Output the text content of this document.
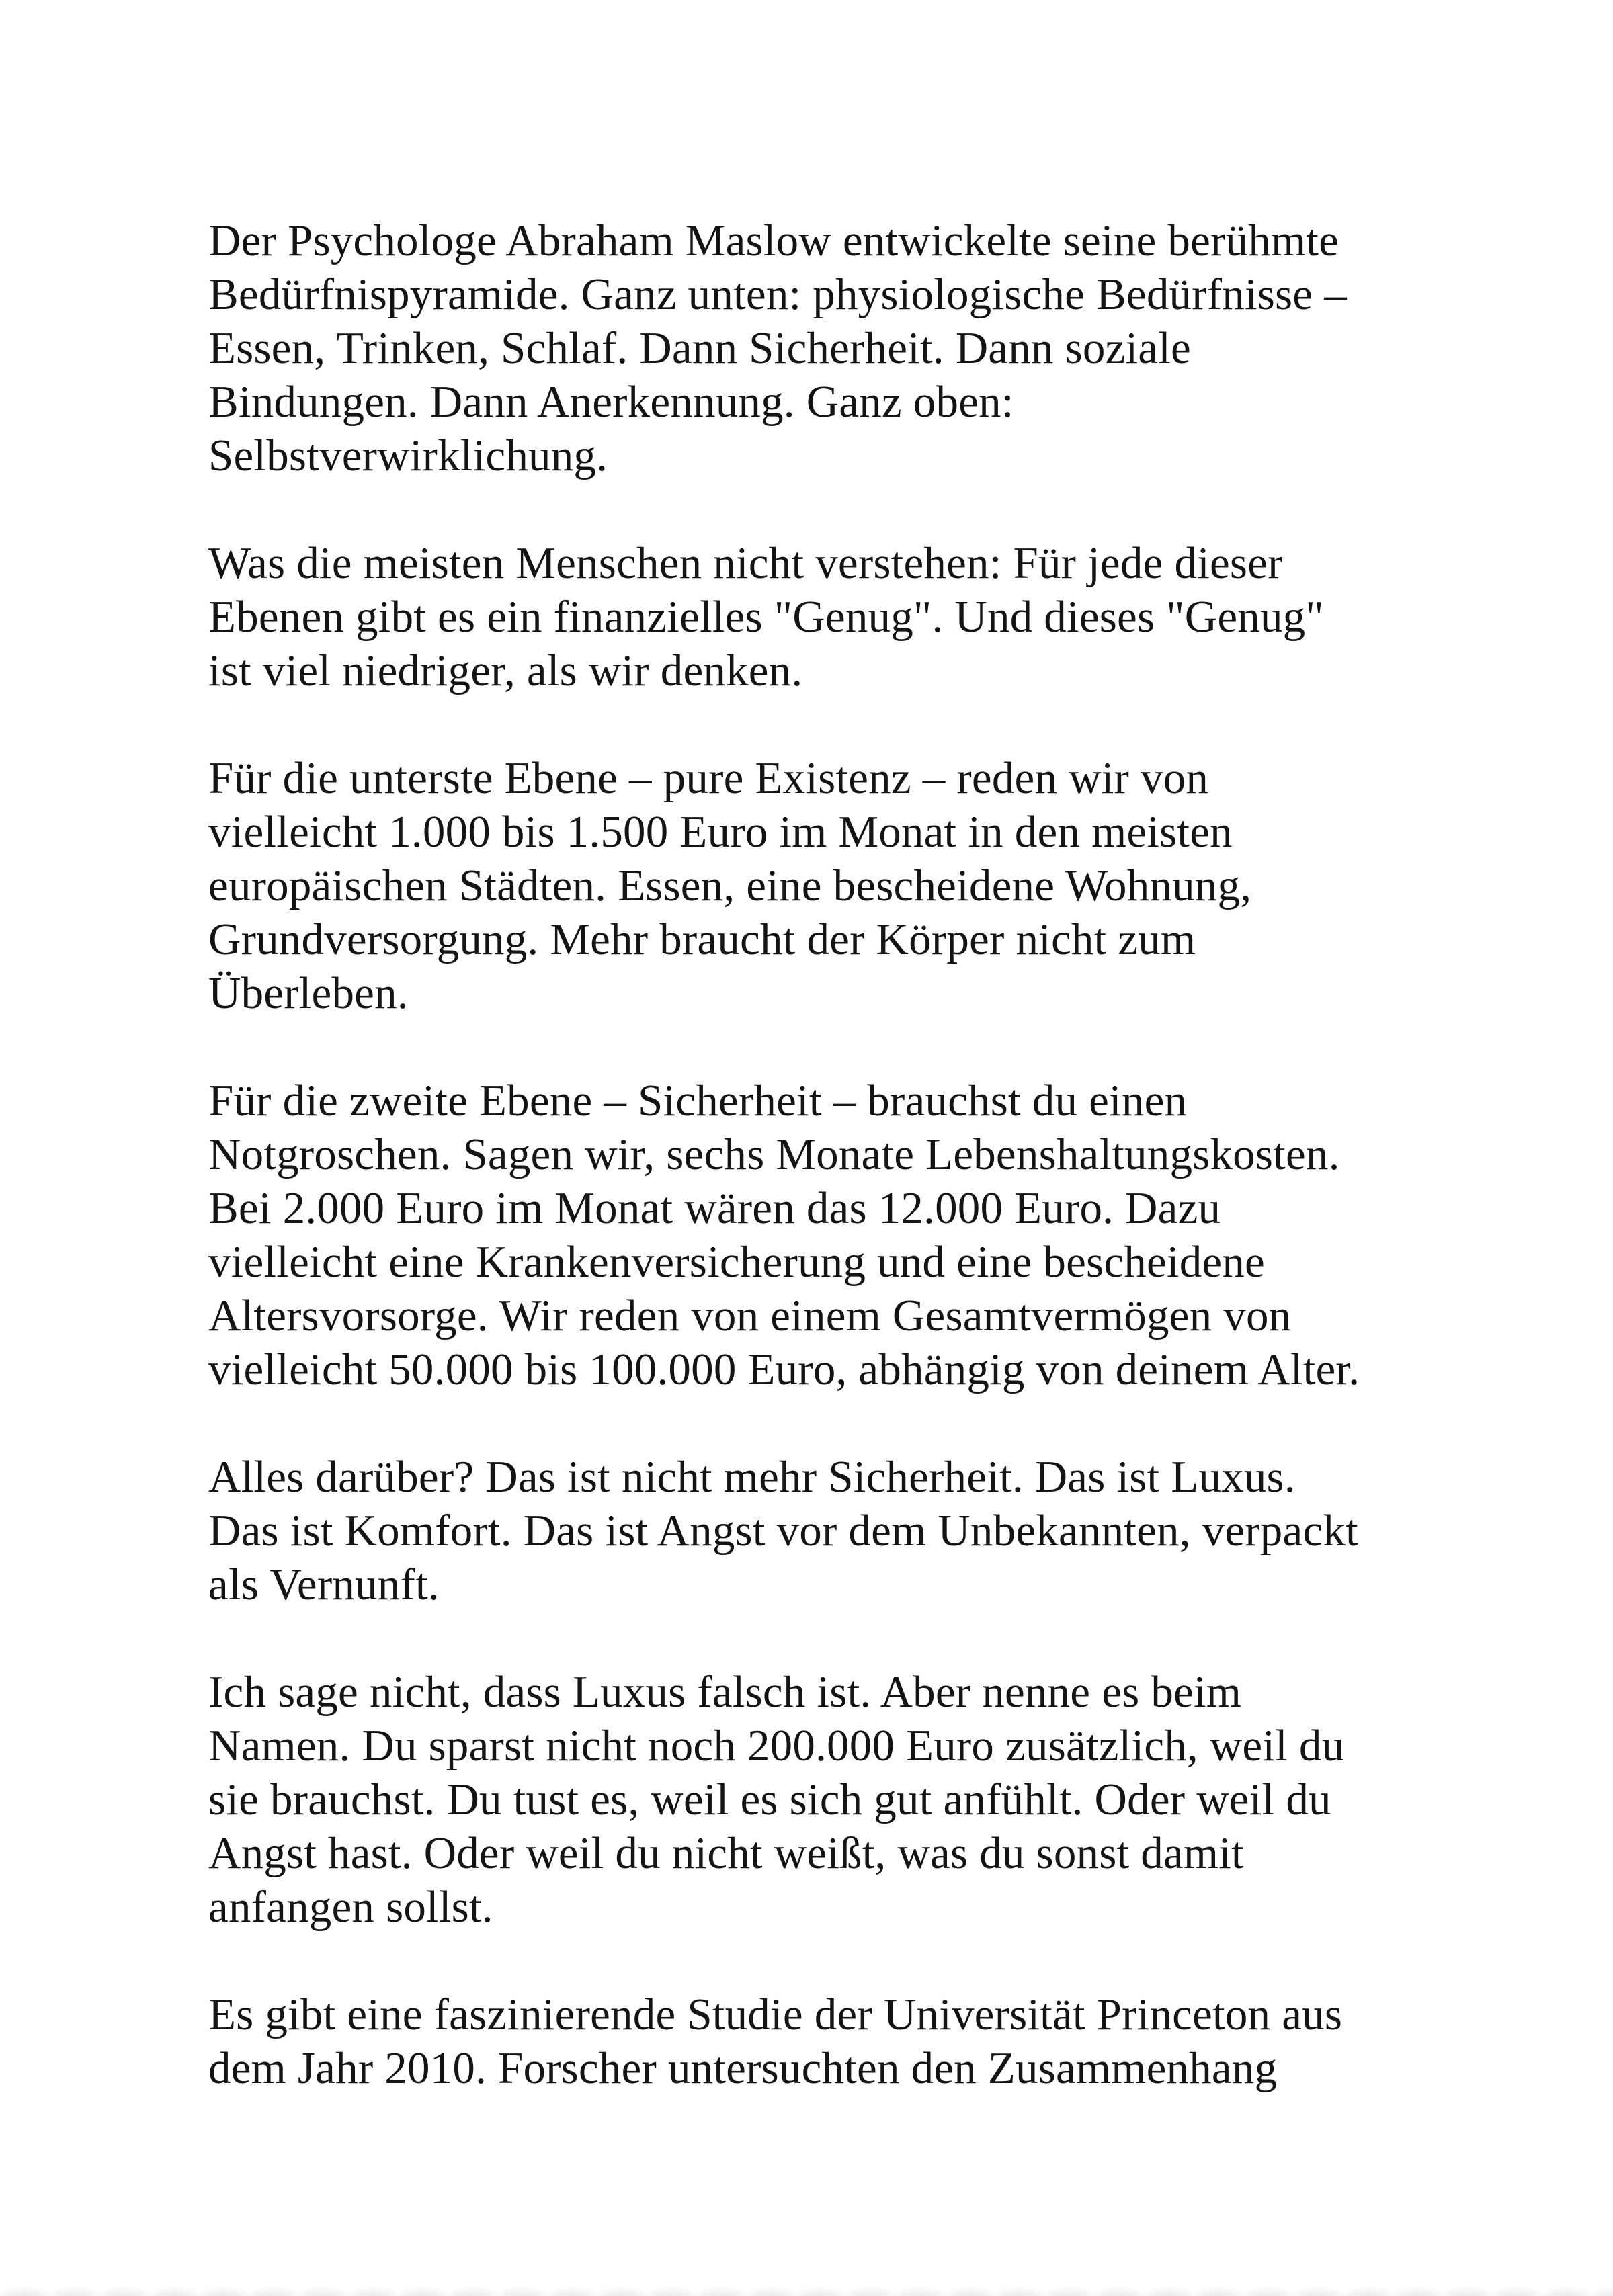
Der Psychologe Abraham Maslow entwickelte seine berühmte
Bedürfnispyramide. Ganz unten: physiologische Bedürfnisse –
Essen, Trinken, Schlaf. Dann Sicherheit. Dann soziale
Bindungen. Dann Anerkennung. Ganz oben:
Selbstverwirklichung.

Was die meisten Menschen nicht verstehen: Für jede dieser
Ebenen gibt es ein finanzielles "Genug". Und dieses "Genug"
ist viel niedriger, als wir denken.

Für die unterste Ebene – pure Existenz – reden wir von
vielleicht 1.000 bis 1.500 Euro im Monat in den meisten
europäischen Städten. Essen, eine bescheidene Wohnung,
Grundversorgung. Mehr braucht der Körper nicht zum
Überleben.

Für die zweite Ebene – Sicherheit – brauchst du einen
Notgroschen. Sagen wir, sechs Monate Lebenshaltungskosten.
Bei 2.000 Euro im Monat wären das 12.000 Euro. Dazu
vielleicht eine Krankenversicherung und eine bescheidene
Altersvorsorge. Wir reden von einem Gesamtvermögen von
vielleicht 50.000 bis 100.000 Euro, abhängig von deinem Alter.

Alles darüber? Das ist nicht mehr Sicherheit. Das ist Luxus.
Das ist Komfort. Das ist Angst vor dem Unbekannten, verpackt
als Vernunft.

Ich sage nicht, dass Luxus falsch ist. Aber nenne es beim
Namen. Du sparst nicht noch 200.000 Euro zusätzlich, weil du
sie brauchst. Du tust es, weil es sich gut anfühlt. Oder weil du
Angst hast. Oder weil du nicht weißt, was du sonst damit
anfangen sollst.

Es gibt eine faszinierende Studie der Universität Princeton aus
dem Jahr 2010. Forscher untersuchten den Zusammenhang
